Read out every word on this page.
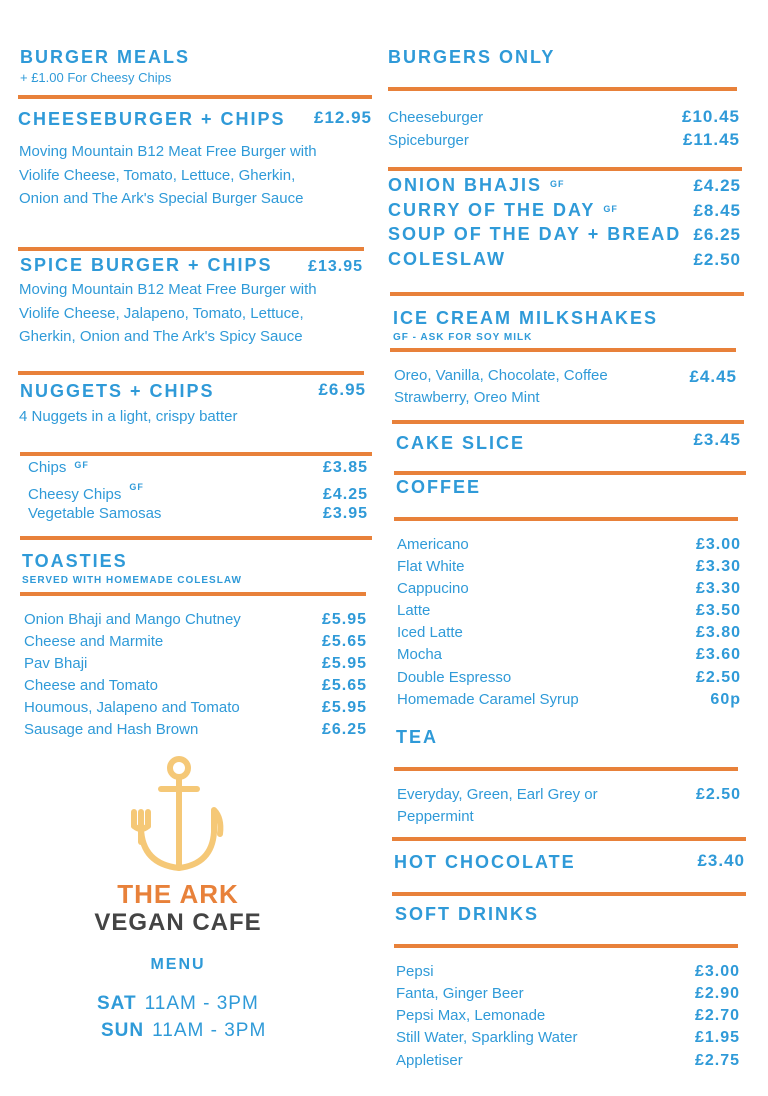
BURGER MEALS
+ £1.00 For Cheesy Chips
CHEESEBURGER + CHIPS	£12.95
Moving Mountain B12 Meat Free Burger with Violife Cheese, Tomato, Lettuce, Gherkin, Onion and The Ark's Special Burger Sauce
SPICE BURGER + CHIPS	£13.95
Moving Mountain B12 Meat Free Burger with Violife Cheese, Jalapeno, Tomato, Lettuce, Gherkin, Onion and The Ark's Spicy Sauce
NUGGETS + CHIPS	£6.95
4 Nuggets in a light, crispy batter
Chips $^{GF}$	£3.85
Cheesy Chips $^{GF}$	£4.25
Vegetable Samosas	£3.95
TOASTIES
SERVED WITH HOMEMADE COLESLAW
Onion Bhaji and Mango Chutney	£5.95
Cheese and Marmite	£5.65
Pav Bhaji	£5.95
Cheese and Tomato	£5.65
Houmous, Jalapeno and Tomato	£5.95
Sausage and Hash Brown	£6.25
THE ARK
VEGAN CAFE
MENU
SAT 11AM - 3PM
SUN 11AM - 3PM
BURGERS ONLY
Cheeseburger	£10.45
Spiceburger	£11.45
ONION BHAJIS $^{GF}$	£4.25
CURRY OF THE DAY $^{GF}$	£8.45
SOUP OF THE DAY + BREAD £6.25
COLESLAW	£2.50
ICE CREAM MILKSHAKES
GF - ASK FOR SOY MILK
Oreo, Vanilla, Chocolate, Coffee
Strawberry, Oreo Mint
£4.45
CAKE SLICE	£3.45
COFFEE
Americano	£3.00
Flat White	£3.30
Cappucino	£3.30
Latte	£3.50
Iced Latte	£3.80
Mocha	£3.60
Double Espresso	£2.50
Homemade Caramel Syrup	60p
TEA
Everyday, Green, Earl Grey or
Peppermint
£2.50
HOT CHOCOLATE	£3.40
SOFT DRINKS
Pepsi	£3.00
Fanta, Ginger Beer	£2.90
Pepsi Max, Lemonade	£2.70
Still Water, Sparkling Water	£1.95
Appletiser	£2.75
